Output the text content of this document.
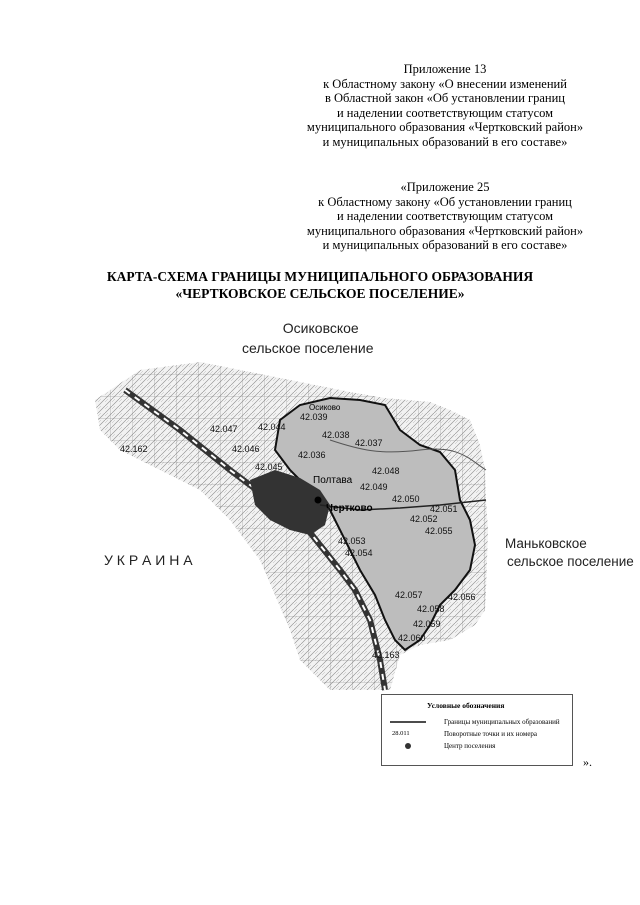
Приложение 13
к Областному закону «О внесении изменений
в Областной закон «Об установлении границ
и наделении соответствующим статусом
муниципального образования «Чертковский район»
и муниципальных образований в его составе»
«Приложение 25
к Областному закону «Об установлении границ
и наделении соответствующим статусом
муниципального образования «Чертковский район»
и муниципальных образований в его составе»
КАРТА-СХЕМА ГРАНИЦЫ МУНИЦИПАЛЬНОГО ОБРАЗОВАНИЯ
«ЧЕРТКОВСКОЕ СЕЛЬСКОЕ ПОСЕЛЕНИЕ»
42.047
42.046
42.045
42.044
42.039
42.038
42.037
42.036
42.048
42.049
42.050
42.051
42.052
42.053
42.054
42.055
42.056
42.057
42.058
42.059
42.060
42.162
42.163
Полтава
Чертково
Осиково
Осиковское
сельское поселение
Маньковское
сельское поселение
У К Р А И Н А
Условные обозначения
Границы муниципальных образований
28.011	Поворотные точки и их номера
Центр поселения
».
